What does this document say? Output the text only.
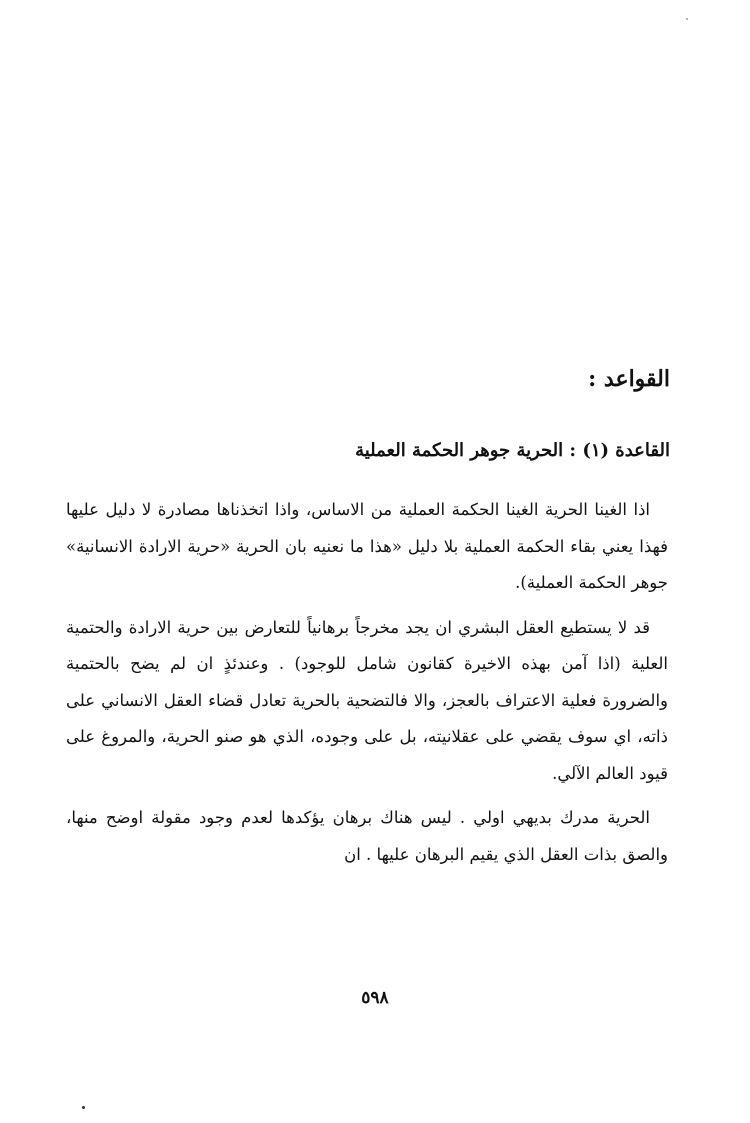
القواعد :
القاعدة (١) : الحرية جوهر الحكمة العملية

اذا الغينا الحرية الغينا الحكمة العملية من الاساس، واذا اتخذناها مصادرة لا دليل عليها فهذا يعني بقاء الحكمة العملية بلا دليل «هذا ما نعنيه بان الحرية «حرية الارادة الانسانية» جوهر الحكمة العملية).

قد لا يستطيع العقل البشري ان يجد مخرجاً برهانياً للتعارض بين حرية الارادة والحتمية العلية (اذا آمن بهذه الاخيرة كقانون شامل للوجود) . وعندئذٍ ان لم يضح بالحتمية والضرورة فعلية الاعتراف بالعجز، والا فالتضحية بالحرية تعادل قضاء العقل الانساني على ذاته، اي سوف يقضي على عقلانيته، بل على وجوده، الذي هو صنو الحرية، والمروغ على قيود العالم الآلي.

الحرية مدرك بديهي اولي . ليس هناك برهان يؤكدها لعدم وجود مقولة اوضح منها، والصق بذات العقل الذي يقيم البرهان عليها . ان

٥٩٨
